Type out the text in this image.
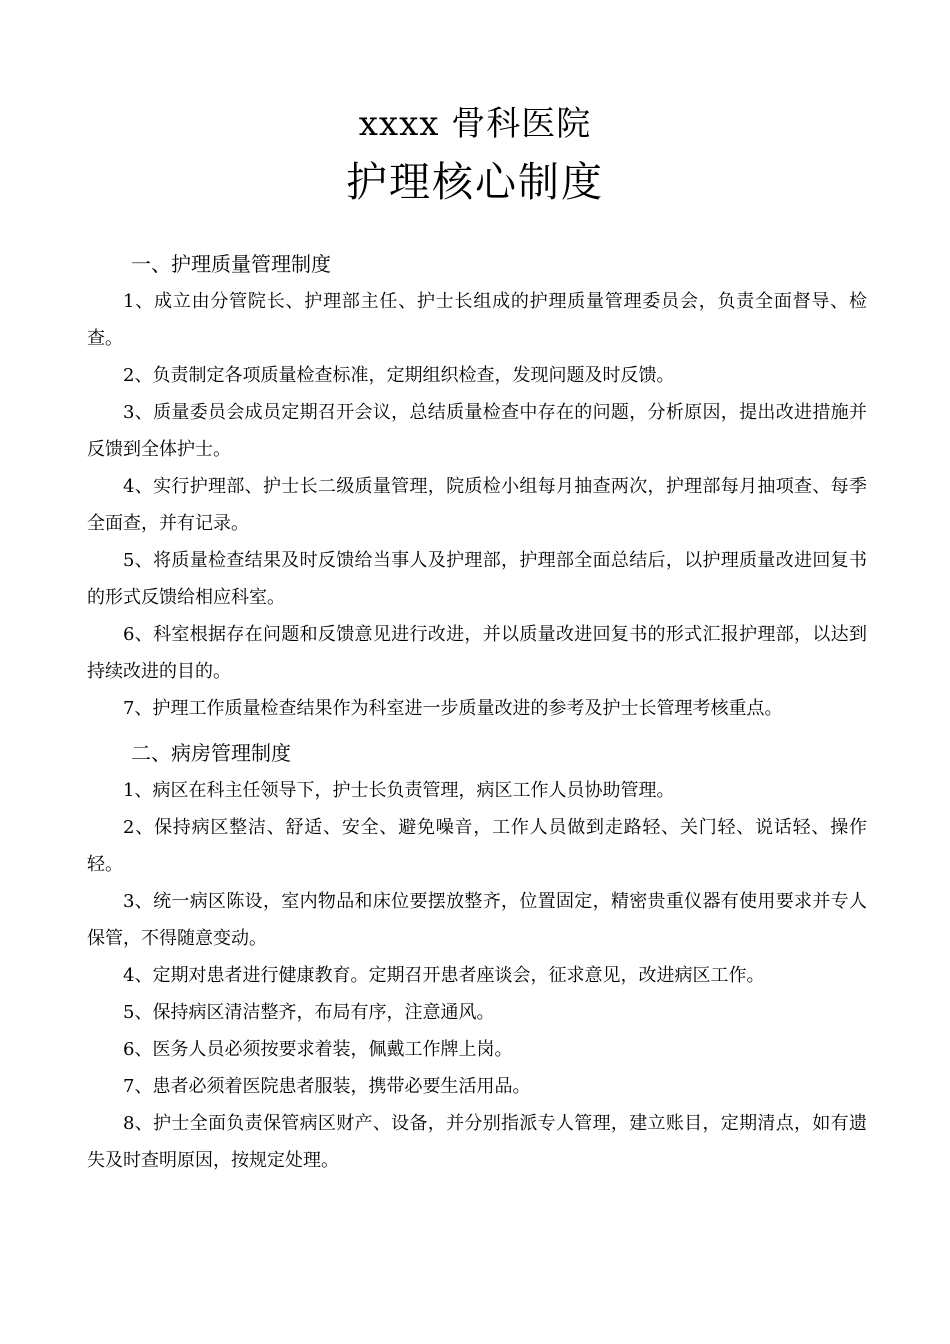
xxxx 骨科医院
护理核心制度

一、护理质量管理制度

1、成立由分管院长、护理部主任、护士长组成的护理质量管理委员会，负责全面督导、检查。

2、负责制定各项质量检查标准，定期组织检查，发现问题及时反馈。

3、质量委员会成员定期召开会议，总结质量检查中存在的问题，分析原因，提出改进措施并反馈到全体护士。

4、实行护理部、护士长二级质量管理，院质检小组每月抽查两次，护理部每月抽项查、每季全面查，并有记录。

5、将质量检查结果及时反馈给当事人及护理部，护理部全面总结后，以护理质量改进回复书的形式反馈给相应科室。

6、科室根据存在问题和反馈意见进行改进，并以质量改进回复书的形式汇报护理部，以达到持续改进的目的。

7、护理工作质量检查结果作为科室进一步质量改进的参考及护士长管理考核重点。

二、病房管理制度

1、病区在科主任领导下，护士长负责管理，病区工作人员协助管理。

2、保持病区整洁、舒适、安全、避免噪音，工作人员做到走路轻、关门轻、说话轻、操作轻。

3、统一病区陈设，室内物品和床位要摆放整齐，位置固定，精密贵重仪器有使用要求并专人保管，不得随意变动。

4、定期对患者进行健康教育。定期召开患者座谈会，征求意见，改进病区工作。

5、保持病区清洁整齐，布局有序，注意通风。

6、医务人员必须按要求着装，佩戴工作牌上岗。

7、患者必须着医院患者服装，携带必要生活用品。

8、护士全面负责保管病区财产、设备，并分别指派专人管理，建立账目，定期清点，如有遗失及时查明原因，按规定处理。
